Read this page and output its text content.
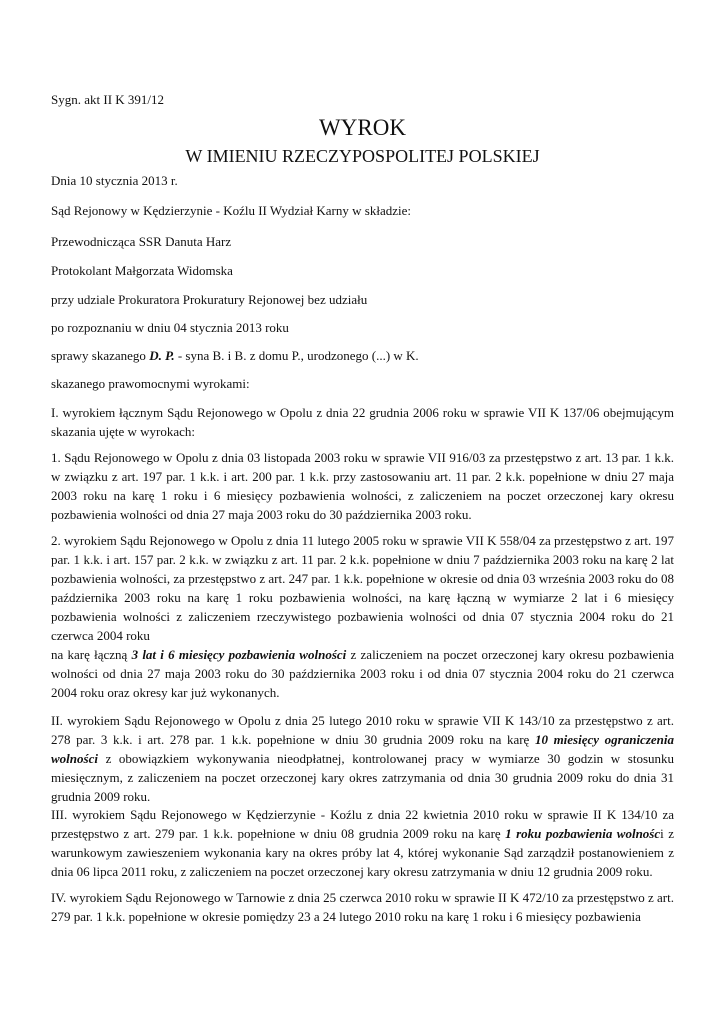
Sygn. akt II K 391/12

WYROK
W IMIENIU RZECZYPOSPOLITEJ POLSKIEJ

Dnia 10 stycznia 2013 r.

Sąd Rejonowy w Kędzierzynie - Koźlu II Wydział Karny w składzie:

Przewodnicząca SSR Danuta Harz

Protokolant Małgorzata Widomska

przy udziale Prokuratora Prokuratury Rejonowej bez udziału

po rozpoznaniu w dniu 04 stycznia 2013 roku

sprawy skazanego D. P. - syna B. i B. z domu P., urodzonego (...) w K.

skazanego prawomocnymi wyrokami:

I. wyrokiem łącznym Sądu Rejonowego w Opolu z dnia 22 grudnia 2006 roku w sprawie VII K 137/06 obejmującym skazania ujęte w wyrokach:

1. Sądu Rejonowego w Opolu z dnia 03 listopada 2003 roku w sprawie VII 916/03 za przestępstwo z art. 13 par. 1 k.k. w związku z art. 197 par. 1 k.k. i art. 200 par. 1 k.k. przy zastosowaniu art. 11 par. 2 k.k. popełnione w dniu 27 maja 2003 roku na karę 1 roku i 6 miesięcy pozbawienia wolności, z zaliczeniem na poczet orzeczonej kary okresu pozbawienia wolności od dnia 27 maja 2003 roku do 30 października 2003 roku.

2. wyrokiem Sądu Rejonowego w Opolu z dnia 11 lutego 2005 roku w sprawie VII K 558/04 za przestępstwo z art. 197 par. 1 k.k. i art. 157 par. 2 k.k. w związku z art. 11 par. 2 k.k. popełnione w dniu 7 października 2003 roku na karę 2 lat pozbawienia wolności, za przestępstwo z art. 247 par. 1 k.k. popełnione w okresie od dnia 03 września 2003 roku do 08 października 2003 roku na karę 1 roku pozbawienia wolności, na karę łączną w wymiarze 2 lat i 6 miesięcy pozbawienia wolności z zaliczeniem rzeczywistego pozbawienia wolności od dnia 07 stycznia 2004 roku do 21 czerwca 2004 roku

na karę łączną 3 lat i 6 miesięcy pozbawienia wolności z zaliczeniem na poczet orzeczonej kary okresu pozbawienia wolności od dnia 27 maja 2003 roku do 30 października 2003 roku i od dnia 07 stycznia 2004 roku do 21 czerwca 2004 roku oraz okresy kar już wykonanych.

II. wyrokiem Sądu Rejonowego w Opolu z dnia 25 lutego 2010 roku w sprawie VII K 143/10 za przestępstwo z art. 278 par. 3 k.k. i art. 278 par. 1 k.k. popełnione w dniu 30 grudnia 2009 roku na karę 10 miesięcy ograniczenia wolności z obowiązkiem wykonywania nieodpłatnej, kontrolowanej pracy w wymiarze 30 godzin w stosunku miesięcznym, z zaliczeniem na poczet orzeczonej kary okres zatrzymania od dnia 30 grudnia 2009 roku do dnia 31 grudnia 2009 roku.

III. wyrokiem Sądu Rejonowego w Kędzierzynie - Koźlu z dnia 22 kwietnia 2010 roku w sprawie II K 134/10 za przestępstwo z art. 279 par. 1 k.k. popełnione w dniu 08 grudnia 2009 roku na karę 1 roku pozbawienia wolności z warunkowym zawieszeniem wykonania kary na okres próby lat 4, której wykonanie Sąd zarządził postanowieniem z dnia 06 lipca 2011 roku, z zaliczeniem na poczet orzeczonej kary okresu zatrzymania w dniu 12 grudnia 2009 roku.

IV. wyrokiem Sądu Rejonowego w Tarnowie z dnia 25 czerwca 2010 roku w sprawie II K 472/10 za przestępstwo z art. 279 par. 1 k.k. popełnione w okresie pomiędzy 23 a 24 lutego 2010 roku na karę 1 roku i 6 miesięcy pozbawienia
